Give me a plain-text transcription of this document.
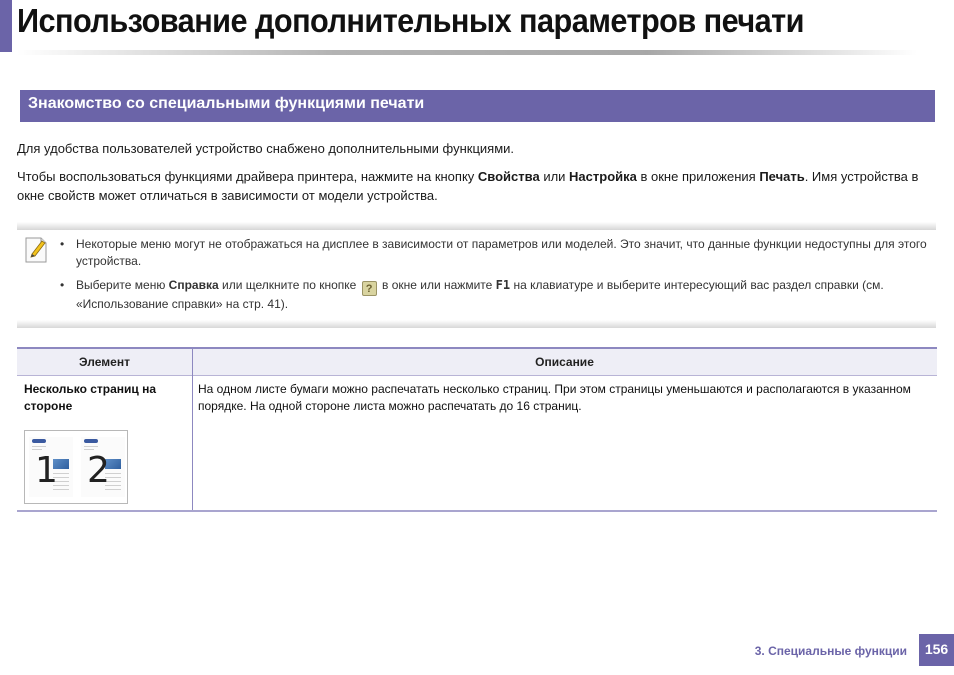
Использование дополнительных параметров печати
Знакомство со специальными функциями печати

Для удобства пользователей устройство снабжено дополнительными функциями.

Чтобы воспользоваться функциями драйвера принтера, нажмите на кнопку Свойства или Настройка в окне приложения Печать. Имя устройства в окне свойств может отличаться в зависимости от модели устройства.

• Некоторые меню могут не отображаться на дисплее в зависимости от параметров или моделей. Это значит, что данные функции недоступны для этого устройства.
• Выберите меню Справка или щелкните по кнопке ? в окне или нажмите F1 на клавиатуре и выберите интересующий вас раздел справки (см. «Использование справки» на стр. 41).
Элемент	Описание
Несколько страниц на стороне
На одном листе бумаги можно распечатать несколько страниц. При этом страницы уменьшаются и располагаются в указанном порядке. На одной стороне листа можно распечатать до 16 страниц.
1 2
3. Специальные функции	156
